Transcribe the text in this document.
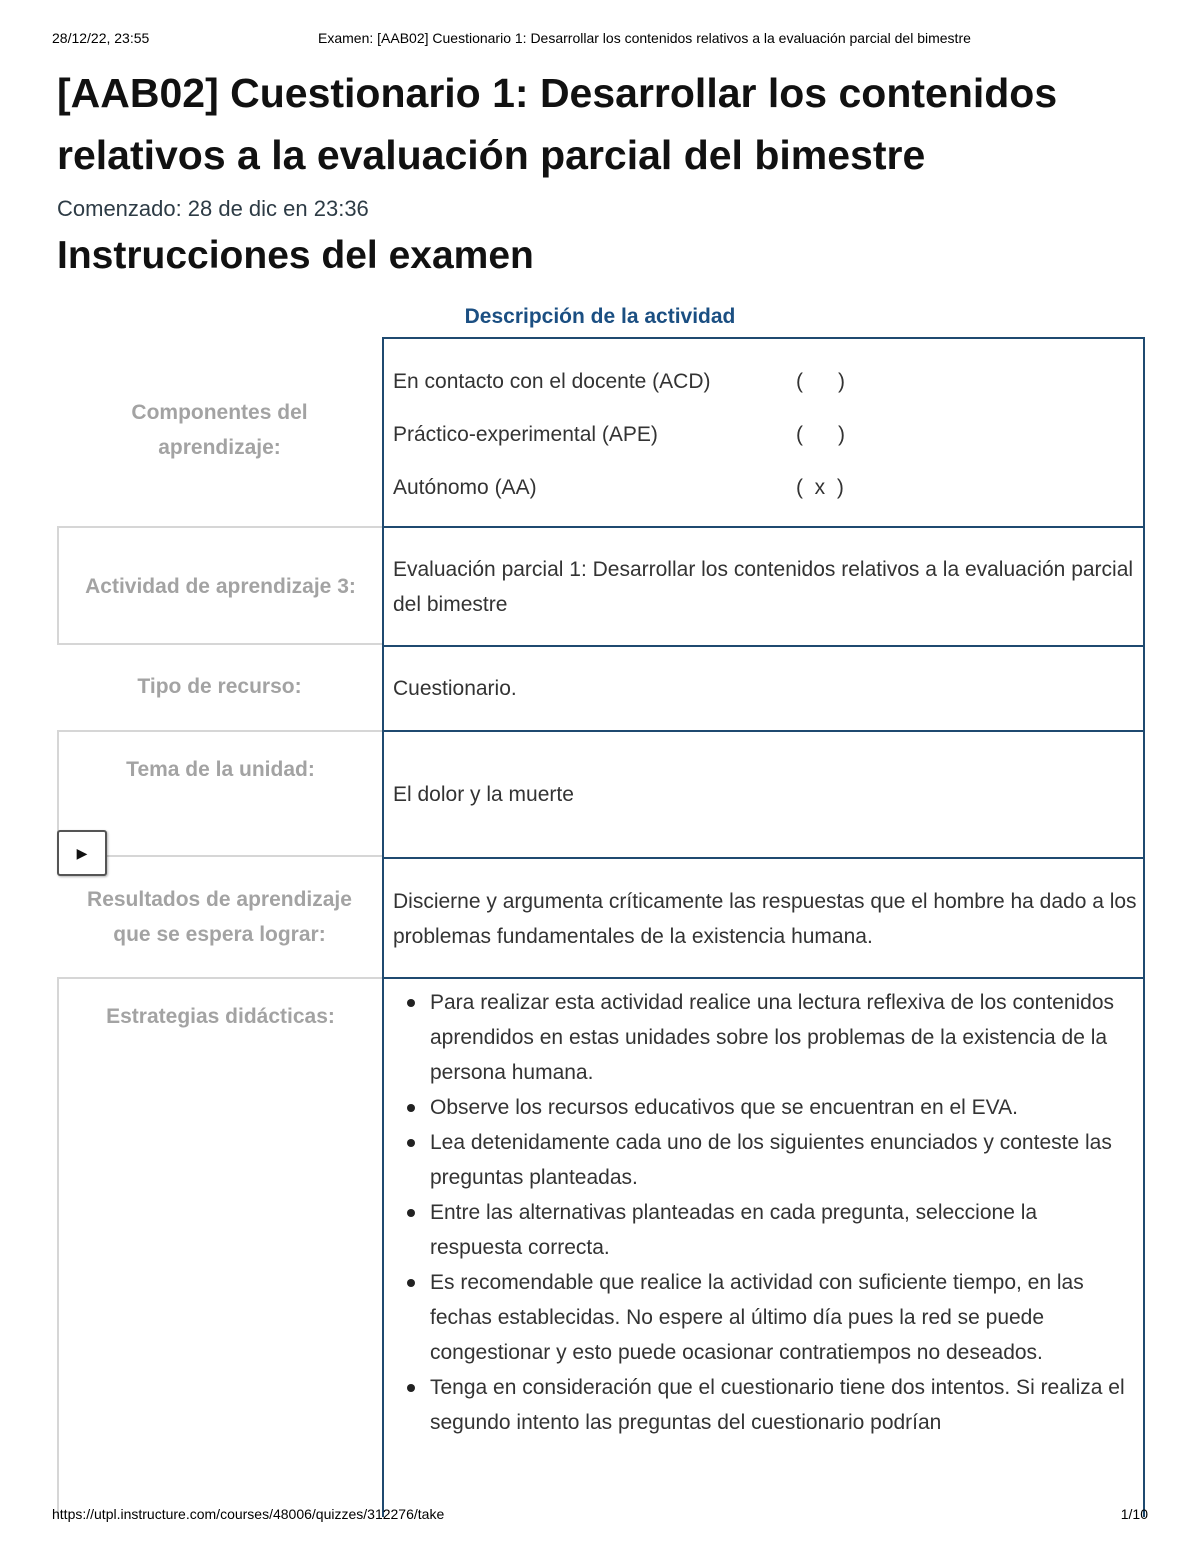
28/12/22, 23:55	Examen: [AAB02] Cuestionario 1: Desarrollar los contenidos relativos a la evaluación parcial del bimestre
[AAB02] Cuestionario 1: Desarrollar los contenidos relativos a la evaluación parcial del bimestre
Comenzado: 28 de dic en 23:36
Instrucciones del examen
Descripción de la actividad
Componentes del aprendizaje:
En contacto con el docente (ACD)	(      )
Práctico-experimental (APE)	(      )
Autónomo (AA)	(  x  )
Actividad de aprendizaje 3:
Evaluación parcial 1: Desarrollar los contenidos relativos a la evaluación parcial del bimestre
Tipo de recurso:	Cuestionario.
Tema de la unidad:
El dolor y la muerte
Resultados de aprendizaje que se espera lograr:
Discierne y argumenta críticamente las respuestas que el hombre ha dado a los problemas fundamentales de la existencia humana.
Estrategias didácticas:
Para realizar esta actividad realice una lectura reflexiva de los contenidos aprendidos en estas unidades sobre los problemas de la existencia de la persona humana.
Observe los recursos educativos que se encuentran en el EVA.
Lea detenidamente cada uno de los siguientes enunciados y conteste las preguntas planteadas.
Entre las alternativas planteadas en cada pregunta, seleccione la respuesta correcta.
Es recomendable que realice la actividad con suficiente tiempo, en las fechas establecidas. No espere al último día pues la red se puede congestionar y esto puede ocasionar contratiempos no deseados.
Tenga en consideración que el cuestionario tiene dos intentos. Si realiza el segundo intento las preguntas del cuestionario podrían
▶
https://utpl.instructure.com/courses/48006/quizzes/312276/take	1/10
